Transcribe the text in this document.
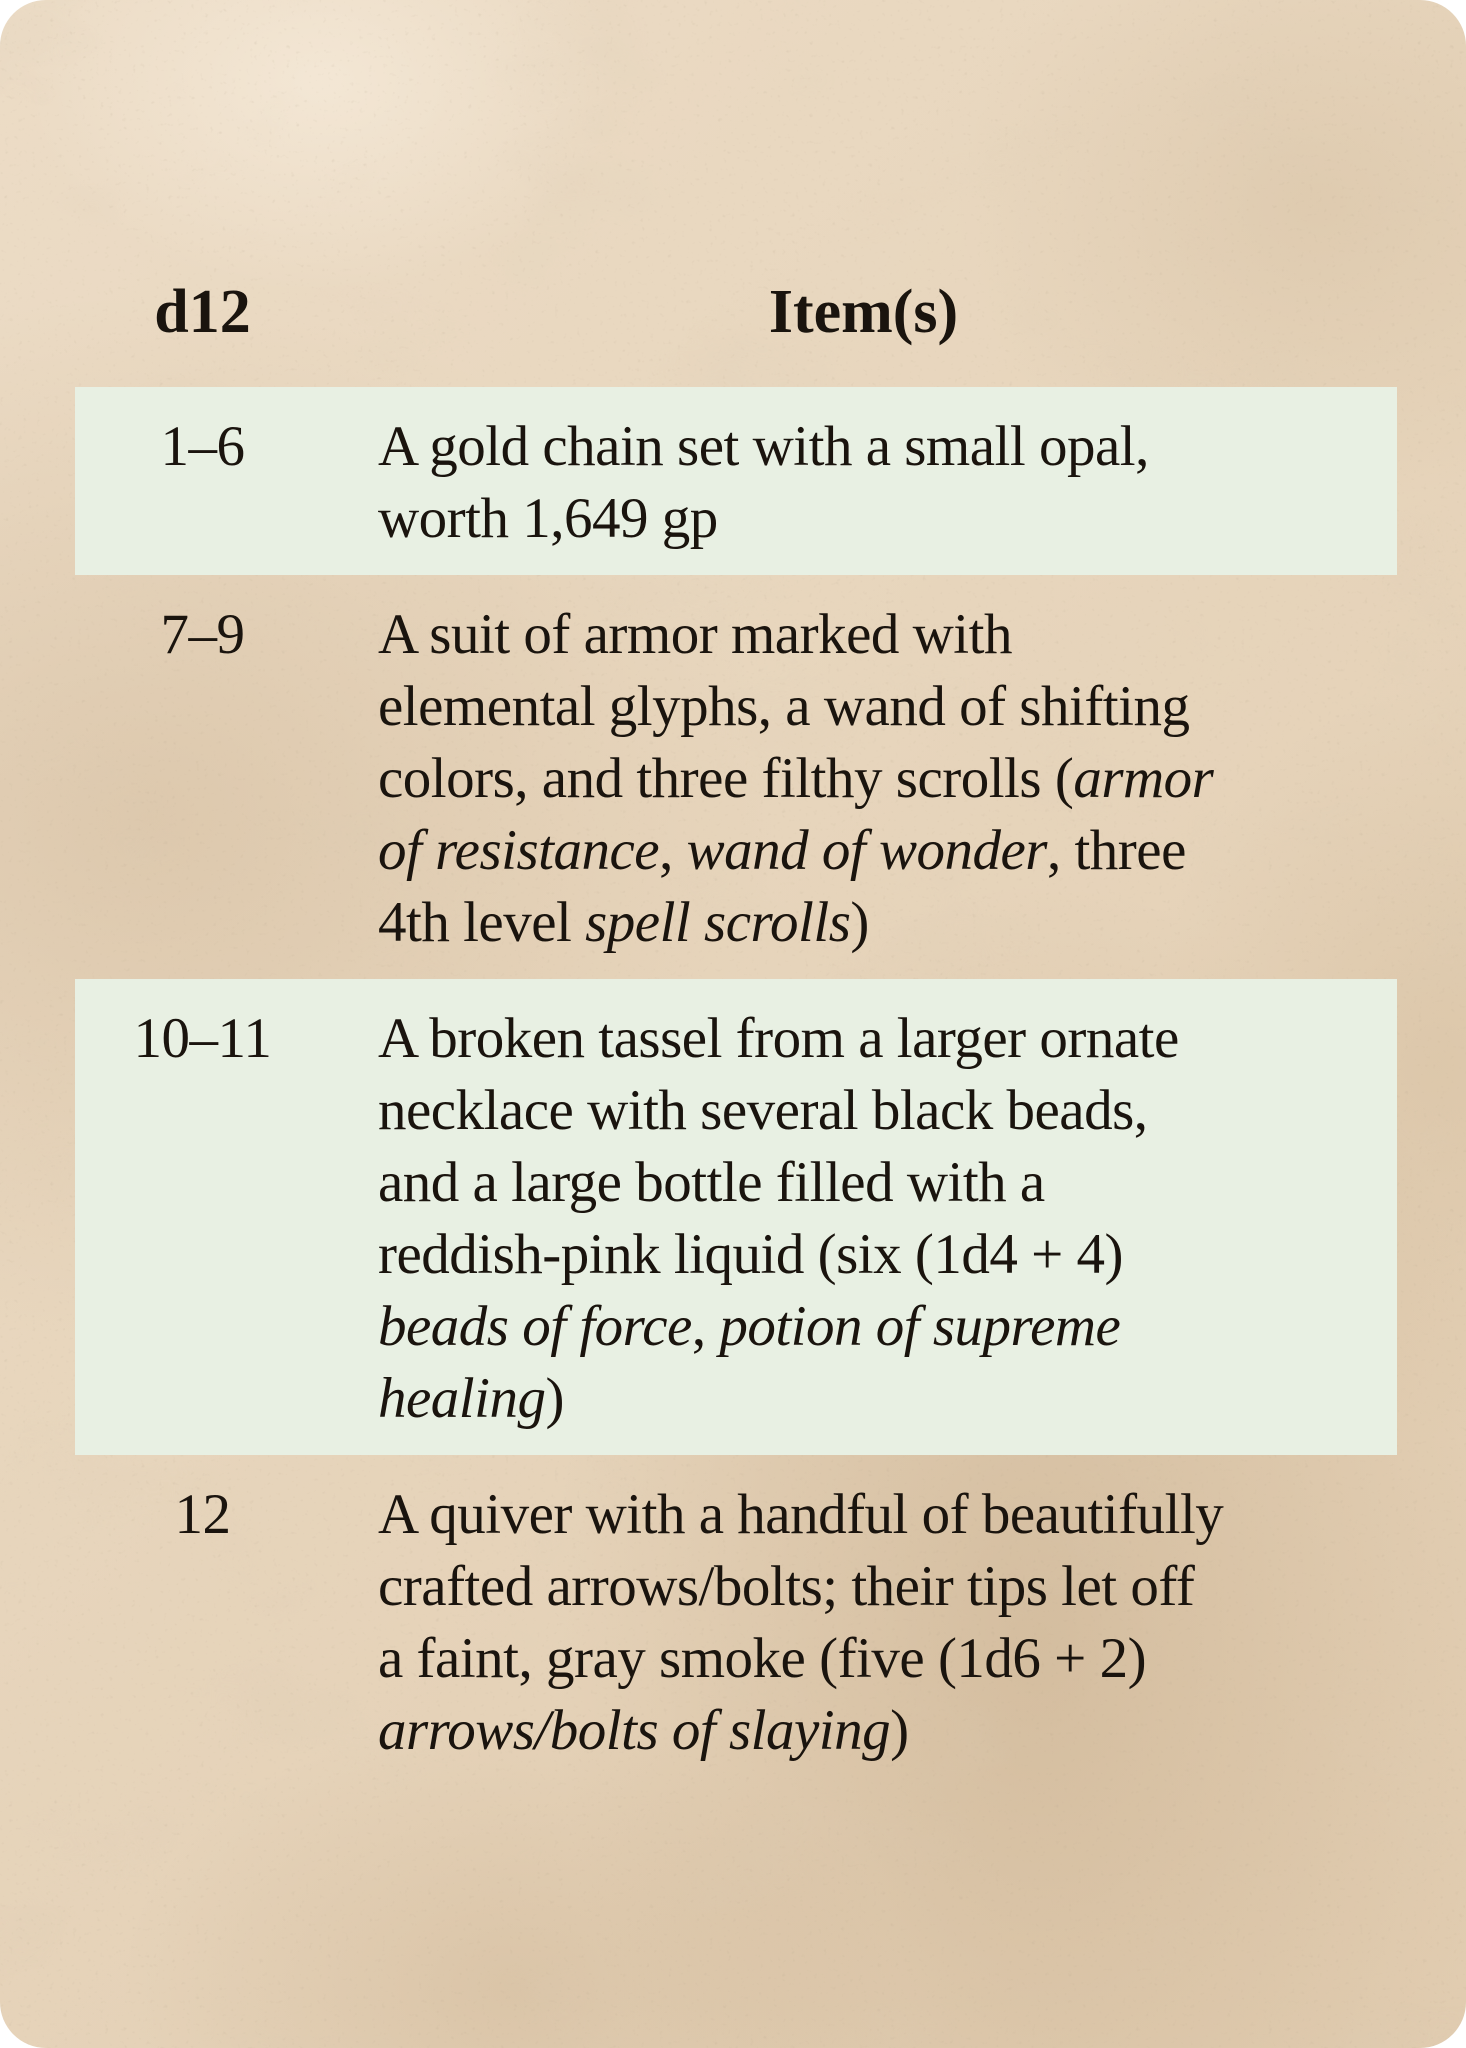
d12	Item(s)
1–6	A gold chain set with a small opal,
worth 1,649 gp
7–9	A suit of armor marked with
elemental glyphs, a wand of shifting
colors, and three filthy scrolls (armor
of resistance, wand of wonder, three
4th level spell scrolls)
10–11	A broken tassel from a larger ornate
necklace with several black beads,
and a large bottle filled with a
reddish-pink liquid (six (1d4 + 4)
beads of force, potion of supreme
healing)
12	A quiver with a handful of beautifully
crafted arrows/bolts; their tips let off
a faint, gray smoke (five (1d6 + 2)
arrows/bolts of slaying)
